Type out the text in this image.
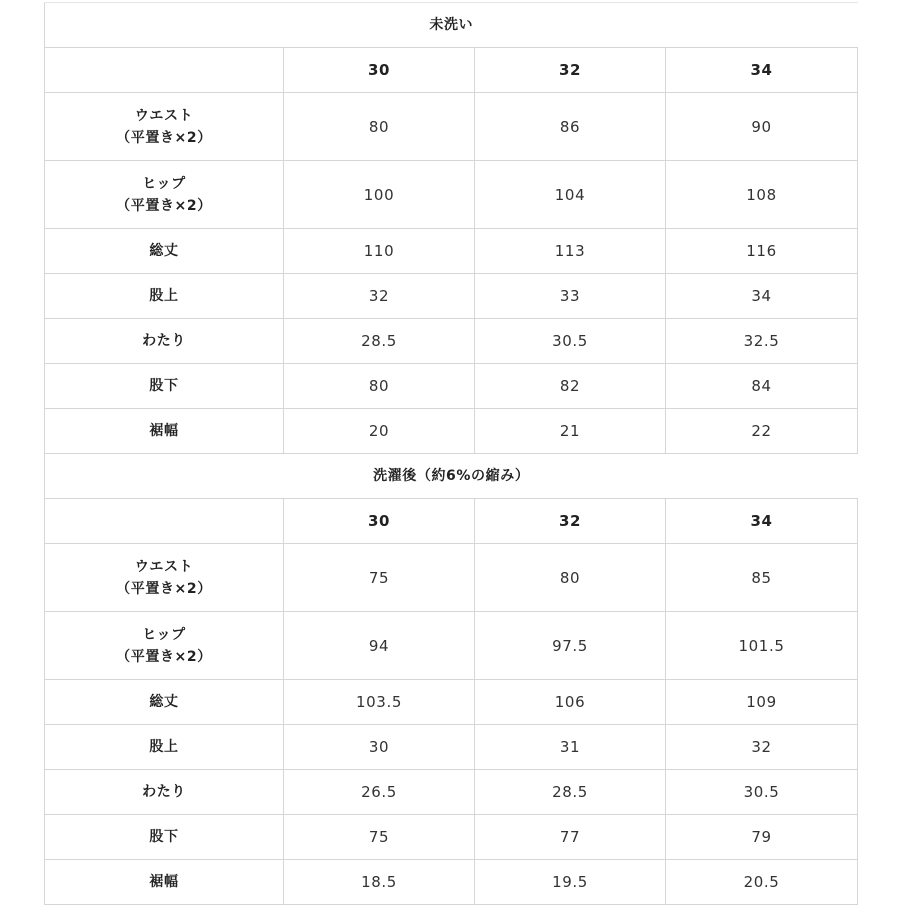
未洗い			
	30	32	34

ウエスト
（平置き×2）	80	86	90

ヒップ
（平置き×2）	100	104	108

総丈	110	113	116

股上	32	33	34

わたり	28.5	30.5	32.5

股下	80	82	84

裾幅	20	21	22
洗濯後（約6%の縮み）			
	30	32	34

ウエスト
（平置き×2）	75	80	85

ヒップ
（平置き×2）	94	97.5	101.5

総丈	103.5	106	109

股上	30	31	32

わたり	26.5	28.5	30.5

股下	75	77	79

裾幅	18.5	19.5	20.5
